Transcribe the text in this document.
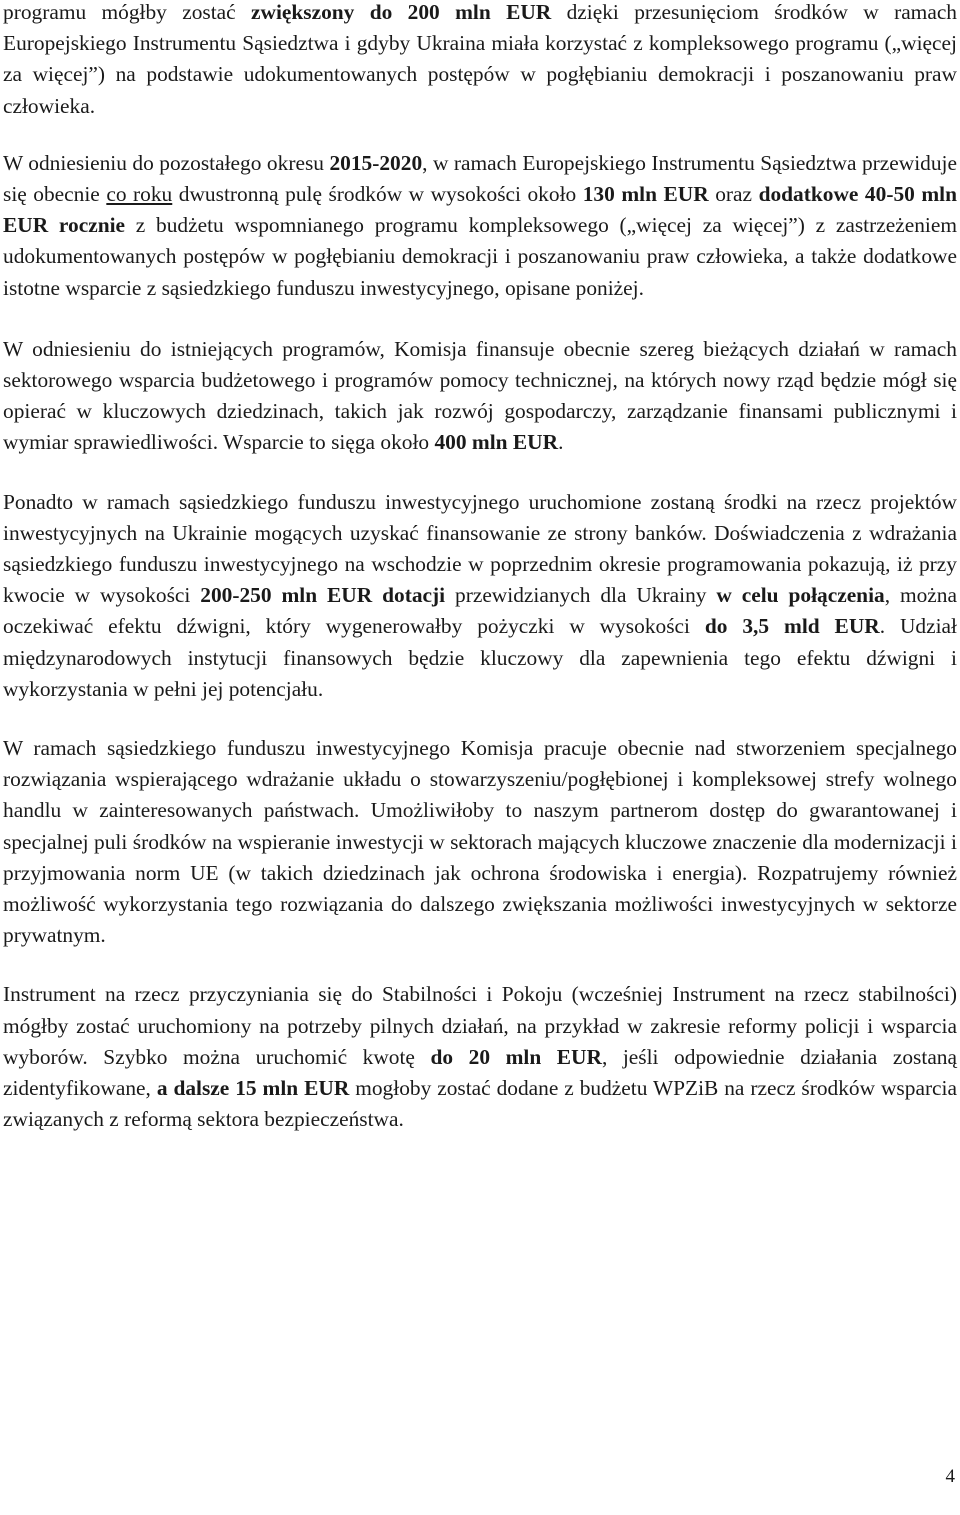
programu mógłby zostać zwiększony do 200 mln EUR dzięki przesunięciom środków w ramach Europejskiego Instrumentu Sąsiedztwa i gdyby Ukraina miała korzystać z kompleksowego programu („więcej za więcej”) na podstawie udokumentowanych postępów w pogłębianiu demokracji i poszanowaniu praw człowieka.

W odniesieniu do pozostałego okresu 2015-2020, w ramach Europejskiego Instrumentu Sąsiedztwa przewiduje się obecnie co roku dwustronną pulę środków w wysokości około 130 mln EUR oraz dodatkowe 40-50 mln EUR rocznie z budżetu wspomnianego programu kompleksowego („więcej za więcej”) z zastrzeżeniem udokumentowanych postępów w pogłębianiu demokracji i poszanowaniu praw człowieka, a także dodatkowe istotne wsparcie z sąsiedzkiego funduszu inwestycyjnego, opisane poniżej.

W odniesieniu do istniejących programów, Komisja finansuje obecnie szereg bieżących działań w ramach sektorowego wsparcia budżetowego i programów pomocy technicznej, na których nowy rząd będzie mógł się opierać w kluczowych dziedzinach, takich jak rozwój gospodarczy, zarządzanie finansami publicznymi i wymiar sprawiedliwości. Wsparcie to sięga około 400 mln EUR.

Ponadto w ramach sąsiedzkiego funduszu inwestycyjnego uruchomione zostaną środki na rzecz projektów inwestycyjnych na Ukrainie mogących uzyskać finansowanie ze strony banków. Doświadczenia z wdrażania sąsiedzkiego funduszu inwestycyjnego na wschodzie w poprzednim okresie programowania pokazują, iż przy kwocie w wysokości 200-250 mln EUR dotacji przewidzianych dla Ukrainy w celu połączenia, można oczekiwać efektu dźwigni, który wygenerowałby pożyczki w wysokości do 3,5 mld EUR. Udział międzynarodowych instytucji finansowych będzie kluczowy dla zapewnienia tego efektu dźwigni i wykorzystania w pełni jej potencjału.

W ramach sąsiedzkiego funduszu inwestycyjnego Komisja pracuje obecnie nad stworzeniem specjalnego rozwiązania wspierającego wdrażanie układu o stowarzyszeniu/pogłębionej i kompleksowej strefy wolnego handlu w zainteresowanych państwach. Umożliwiłoby to naszym partnerom dostęp do gwarantowanej i specjalnej puli środków na wspieranie inwestycji w sektorach mających kluczowe znaczenie dla modernizacji i przyjmowania norm UE (w takich dziedzinach jak ochrona środowiska i energia). Rozpatrujemy również możliwość wykorzystania tego rozwiązania do dalszego zwiększania możliwości inwestycyjnych w sektorze prywatnym.

Instrument na rzecz przyczyniania się do Stabilności i Pokoju (wcześniej Instrument na rzecz stabilności) mógłby zostać uruchomiony na potrzeby pilnych działań, na przykład w zakresie reformy policji i wsparcia wyborów. Szybko można uruchomić kwotę do 20 mln EUR, jeśli odpowiednie działania zostaną zidentyfikowane, a dalsze 15 mln EUR mogłoby zostać dodane z budżetu WPZiB na rzecz środków wsparcia związanych z reformą sektora bezpieczeństwa.

4
